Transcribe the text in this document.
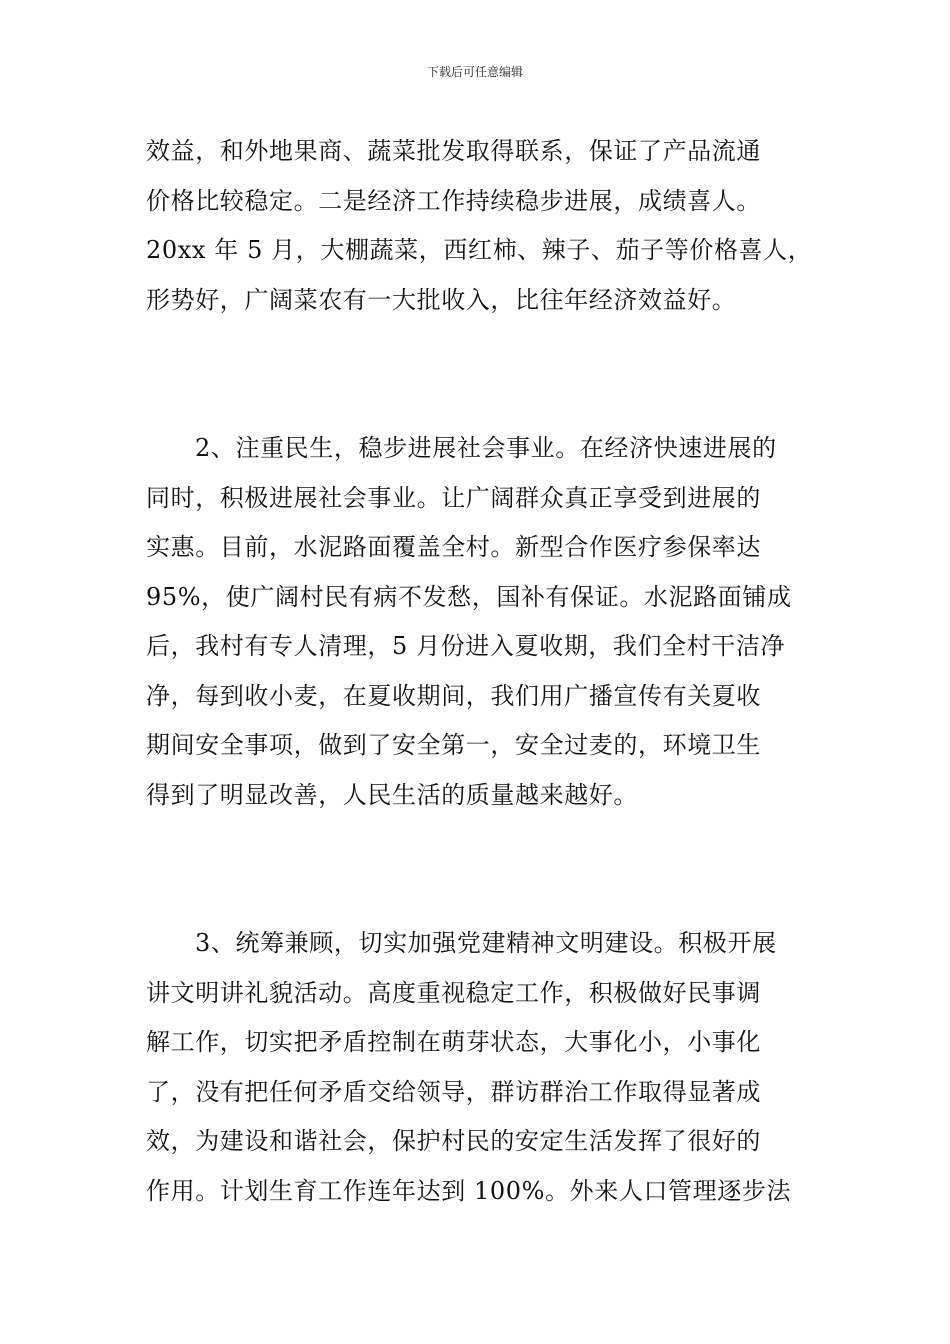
下载后可任意编辑
效益，和外地果商、蔬菜批发取得联系，保证了产品流通
价格比较稳定。二是经济工作持续稳步进展，成绩喜人。
20xx 年 5 月，大棚蔬菜，西红柿、辣子、茄子等价格喜人，
形势好，广阔菜农有一大批收入，比往年经济效益好。
2、注重民生，稳步进展社会事业。在经济快速进展的
同时，积极进展社会事业。让广阔群众真正享受到进展的
实惠。目前，水泥路面覆盖全村。新型合作医疗参保率达
95%，使广阔村民有病不发愁，国补有保证。水泥路面铺成
后，我村有专人清理，5 月份进入夏收期，我们全村干洁净
净，每到收小麦，在夏收期间，我们用广播宣传有关夏收
期间安全事项，做到了安全第一，安全过麦的，环境卫生
得到了明显改善，人民生活的质量越来越好。
3、统筹兼顾，切实加强党建精神文明建设。积极开展
讲文明讲礼貌活动。高度重视稳定工作，积极做好民事调
解工作，切实把矛盾控制在萌芽状态，大事化小，小事化
了，没有把任何矛盾交给领导，群访群治工作取得显著成
效，为建设和谐社会，保护村民的安定生活发挥了很好的
作用。计划生育工作连年达到 100%。外来人口管理逐步法
